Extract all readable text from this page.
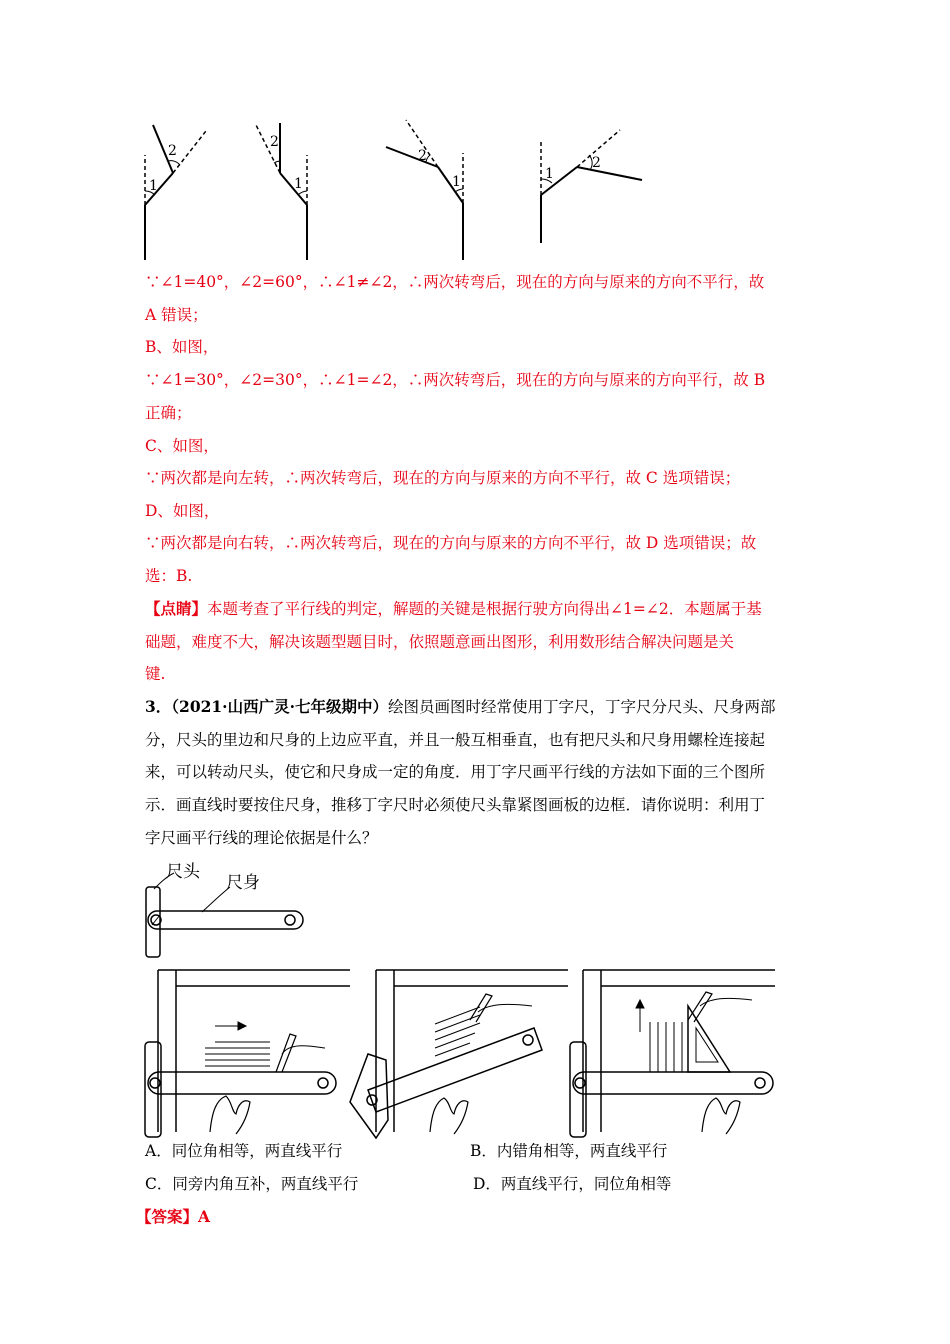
2
1
2
1
2
1
2
1
∵∠1=40°，∠2=60°，∴∠1≠∠2，∴两次转弯后，现在的方向与原来的方向不平行，故
A 错误；
B、如图，
∵∠1=30°，∠2=30°，∴∠1=∠2，∴两次转弯后，现在的方向与原来的方向平行，故 B
正确；
C、如图，
∵两次都是向左转，∴两次转弯后，现在的方向与原来的方向不平行，故 C 选项错误；
D、如图，
∵两次都是向右转，∴两次转弯后，现在的方向与原来的方向不平行，故 D 选项错误；故
选：B.
【点睛】本题考查了平行线的判定，解题的关键是根据行驶方向得出∠1=∠2．本题属于基
础题，难度不大，解决该题型题目时，依照题意画出图形，利用数形结合解决问题是关
键.
3．（2021·山西广灵·七年级期中）绘图员画图时经常使用丁字尺，丁字尺分尺头、尺身两部
分，尺头的里边和尺身的上边应平直，并且一般互相垂直，也有把尺头和尺身用螺栓连接起
来，可以转动尺头，使它和尺身成一定的角度．用丁字尺画平行线的方法如下面的三个图所
示．画直线时要按住尺身，推移丁字尺时必须使尺头靠紧图画板的边框．请你说明：利用丁
字尺画平行线的理论依据是什么？
尺头
尺身
A．同位角相等，两直线平行	B．内错角相等，两直线平行
C．同旁内角互补，两直线平行	D．两直线平行，同位角相等
【答案】A
